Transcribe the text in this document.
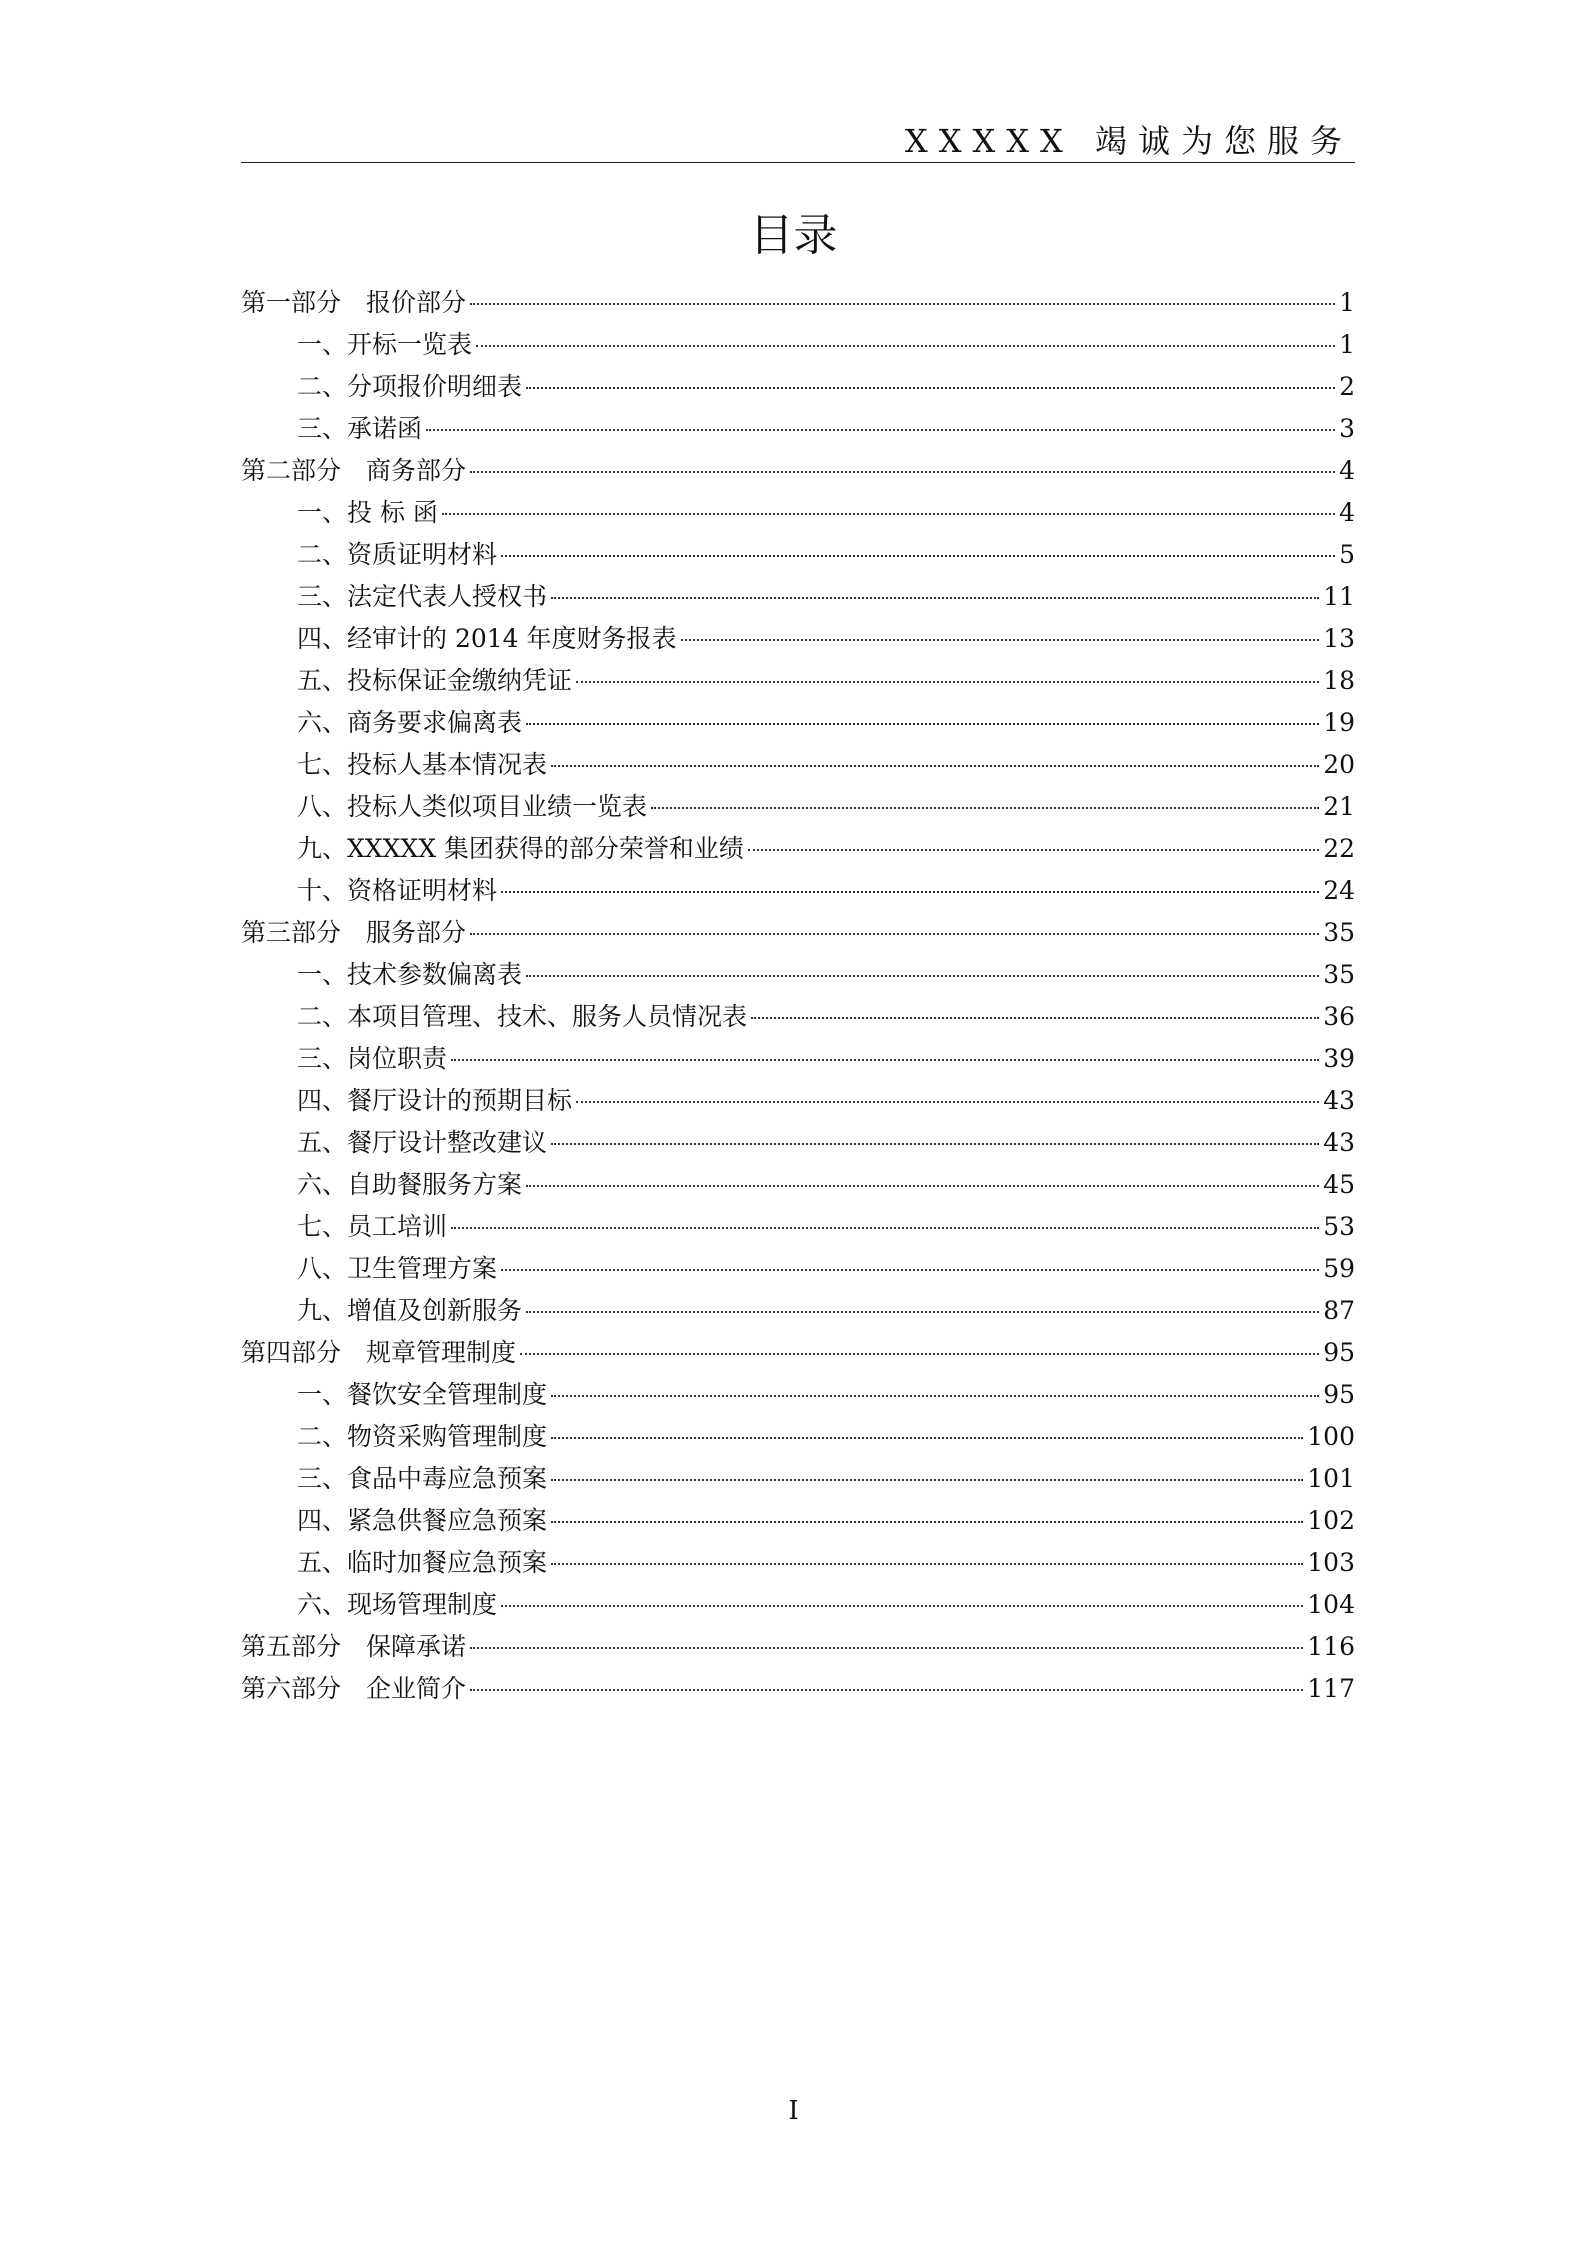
XXXXX 竭诚为您服务
目录
第一部分　报价部分	1
一、开标一览表	1
二、分项报价明细表	2
三、承诺函	3
第二部分　商务部分	4
一、投 标 函	4
二、资质证明材料	5
三、法定代表人授权书	11
四、经审计的 2014 年度财务报表	13
五、投标保证金缴纳凭证	18
六、商务要求偏离表	19
七、投标人基本情况表	20
八、投标人类似项目业绩一览表	21
九、XXXXX 集团获得的部分荣誉和业绩	22
十、资格证明材料	24
第三部分　服务部分	35
一、技术参数偏离表	35
二、本项目管理、技术、服务人员情况表	36
三、岗位职责	39
四、餐厅设计的预期目标	43
五、餐厅设计整改建议	43
六、自助餐服务方案	45
七、员工培训	53
八、卫生管理方案	59
九、增值及创新服务	87
第四部分　规章管理制度	95
一、餐饮安全管理制度	95
二、物资采购管理制度	100
三、食品中毒应急预案	101
四、紧急供餐应急预案	102
五、临时加餐应急预案	103
六、现场管理制度	104
第五部分　保障承诺	116
第六部分　企业简介	117
I
